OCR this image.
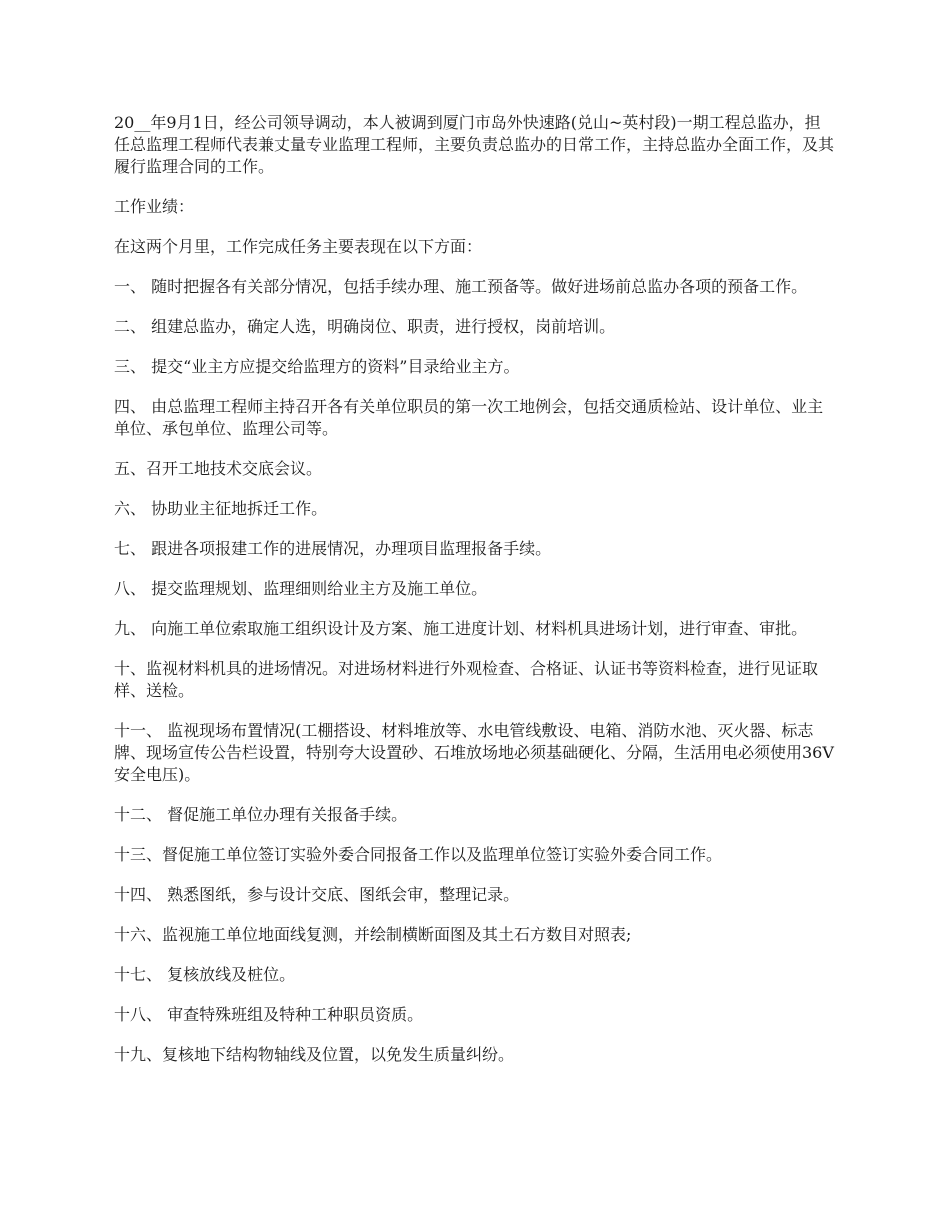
20__年9月1日，经公司领导调动，本人被调到厦门市岛外快速路(兑山~英村段)一期工程总监办，担任总监理工程师代表兼丈量专业监理工程师，主要负责总监办的日常工作，主持总监办全面工作，及其履行监理合同的工作。

工作业绩：

在这两个月里，工作完成任务主要表现在以下方面：

一、 随时把握各有关部分情况，包括手续办理、施工预备等。做好进场前总监办各项的预备工作。

二、 组建总监办，确定人选，明确岗位、职责，进行授权，岗前培训。

三、 提交“业主方应提交给监理方的资料”目录给业主方。

四、 由总监理工程师主持召开各有关单位职员的第一次工地例会，包括交通质检站、设计单位、业主单位、承包单位、监理公司等。

五、召开工地技术交底会议。

六、 协助业主征地拆迁工作。

七、 跟进各项报建工作的进展情况，办理项目监理报备手续。

八、 提交监理规划、监理细则给业主方及施工单位。

九、 向施工单位索取施工组织设计及方案、施工进度计划、材料机具进场计划，进行审查、审批。

十、监视材料机具的进场情况。对进场材料进行外观检查、合格证、认证书等资料检查，进行见证取样、送检。

十一、 监视现场布置情况(工棚搭设、材料堆放等、水电管线敷设、电箱、消防水池、灭火器、标志牌、现场宣传公告栏设置，特别夸大设置砂、石堆放场地必须基础硬化、分隔，生活用电必须使用36V安全电压)。

十二、 督促施工单位办理有关报备手续。

十三、督促施工单位签订实验外委合同报备工作以及监理单位签订实验外委合同工作。

十四、 熟悉图纸，参与设计交底、图纸会审，整理记录。

十六、监视施工单位地面线复测，并绘制横断面图及其土石方数目对照表;

十七、 复核放线及桩位。

十八、 审查特殊班组及特种工种职员资质。

十九、复核地下结构物轴线及位置，以免发生质量纠纷。
